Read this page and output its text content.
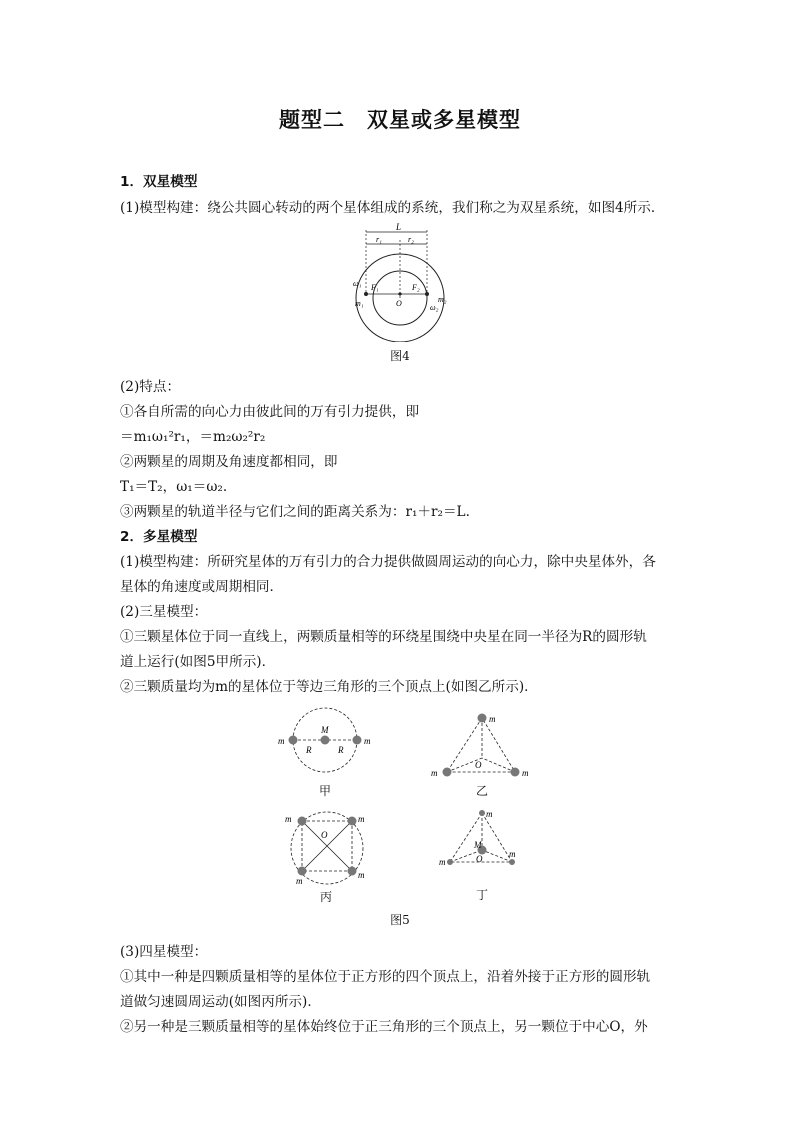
题型二　双星或多星模型
1．双星模型
(1)模型构建：绕公共圆心转动的两个星体组成的系统，我们称之为双星系统，如图4所示．
L
r₁	r₂
F₁	F₂
O
m₁	m₂
ω₁
ω₂
图4
(2)特点：
①各自所需的向心力由彼此间的万有引力提供，即
＝m₁ω₁²r₁，＝m₂ω₂²r₂
②两颗星的周期及角速度都相同，即
T₁＝T₂，ω₁＝ω₂.
③两颗星的轨道半径与它们之间的距离关系为：r₁＋r₂＝L.
2．多星模型
(1)模型构建：所研究星体的万有引力的合力提供做圆周运动的向心力，除中央星体外，各
星体的角速度或周期相同．
(2)三星模型：
①三颗星体位于同一直线上，两颗质量相等的环绕星围绕中央星在同一半径为R的圆形轨
道上运行(如图5甲所示)．
②三颗质量均为m的星体位于等边三角形的三个顶点上(如图乙所示)．
m	m
M
R	R
甲
m
m	m
O
乙
m	m
m
m
O
丙
m
m
m
M
O
丁
图5
(3)四星模型：
①其中一种是四颗质量相等的星体位于正方形的四个顶点上，沿着外接于正方形的圆形轨
道做匀速圆周运动(如图丙所示)．
②另一种是三颗质量相等的星体始终位于正三角形的三个顶点上，另一颗位于中心O，外
